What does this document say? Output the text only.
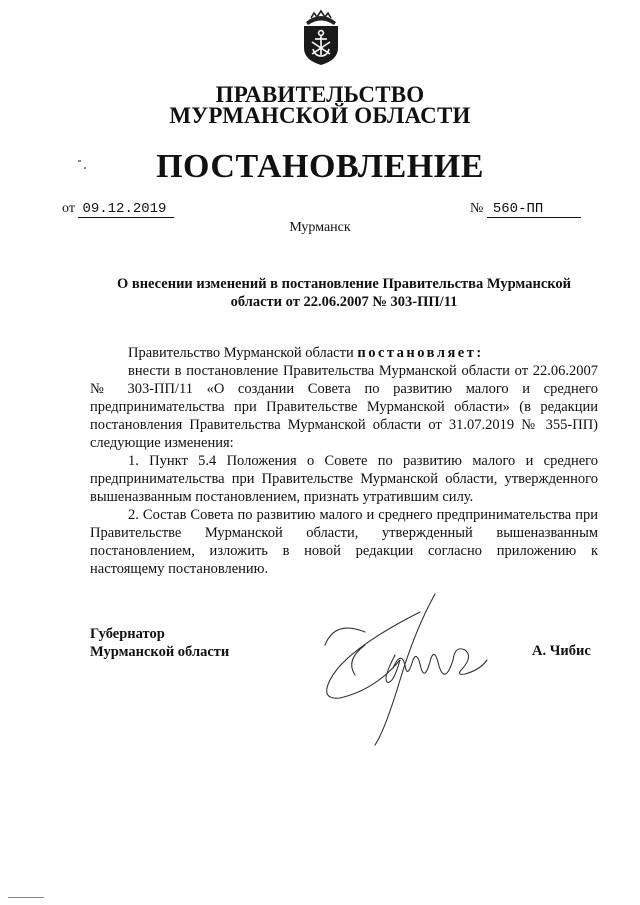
ПРАВИТЕЛЬСТВО
МУРМАНСКОЙ ОБЛАСТИ
ПОСТАНОВЛЕНИЕ
от 09.12.2019	№ 560-ПП
Мурманск
О внесении изменений в постановление Правительства Мурманской области от 22.06.2007 № 303-ПП/11

Правительство Мурманской области постановляет:

внести в постановление Правительства Мурманской области от 22.06.2007 № 303-ПП/11 «О создании Совета по развитию малого и среднего предпринимательства при Правительстве Мурманской области» (в редакции постановления Правительства Мурманской области от 31.07.2019 № 355-ПП) следующие изменения:

1. Пункт 5.4 Положения о Совете по развитию малого и среднего предпринимательства при Правительстве Мурманской области, утвержденного вышеназванным постановлением, признать утратившим силу.

2. Состав Совета по развитию малого и среднего предпринимательства при Правительстве Мурманской области, утвержденный вышеназванным постановлением, изложить в новой редакции согласно приложению к настоящему постановлению.

Губернатор
Мурманской области	А. Чибис
